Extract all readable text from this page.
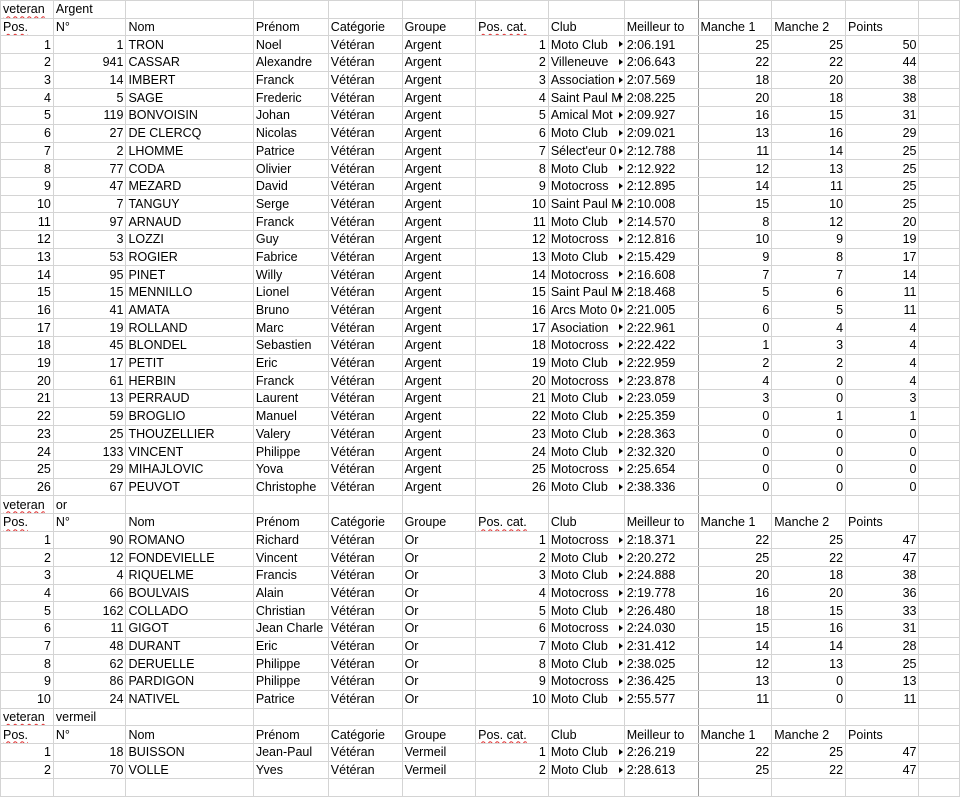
veteran	Argent											
Pos.	N°	Nom	Prénom	Catégorie	Groupe	Pos. cat.	Club	Meilleur to	Manche 1	Manche 2	Points	
1	1	TRON	Noel	Vétéran	Argent	1	Moto Club	2:06.191	25	25	50	
2	941	CASSAR	Alexandre	Vétéran	Argent	2	Villeneuve	2:06.643	22	22	44	
3	14	IMBERT	Franck	Vétéran	Argent	3	Association	2:07.569	18	20	38	
4	5	SAGE	Frederic	Vétéran	Argent	4	Saint Paul M	2:08.225	20	18	38	
5	119	BONVOISIN	Johan	Vétéran	Argent	5	Amical Mot	2:09.927	16	15	31	
6	27	DE CLERCQ	Nicolas	Vétéran	Argent	6	Moto Club	2:09.021	13	16	29	
7	2	LHOMME	Patrice	Vétéran	Argent	7	Sélect'eur 0	2:12.788	11	14	25	
8	77	CODA	Olivier	Vétéran	Argent	8	Moto Club	2:12.922	12	13	25	
9	47	MEZARD	David	Vétéran	Argent	9	Motocross	2:12.895	14	11	25	
10	7	TANGUY	Serge	Vétéran	Argent	10	Saint Paul M	2:10.008	15	10	25	
11	97	ARNAUD	Franck	Vétéran	Argent	11	Moto Club	2:14.570	8	12	20	
12	3	LOZZI	Guy	Vétéran	Argent	12	Motocross	2:12.816	10	9	19	
13	53	ROGIER	Fabrice	Vétéran	Argent	13	Moto Club	2:15.429	9	8	17	
14	95	PINET	Willy	Vétéran	Argent	14	Motocross	2:16.608	7	7	14	
15	15	MENNILLO	Lionel	Vétéran	Argent	15	Saint Paul M	2:18.468	5	6	11	
16	41	AMATA	Bruno	Vétéran	Argent	16	Arcs Moto 0	2:21.005	6	5	11	
17	19	ROLLAND	Marc	Vétéran	Argent	17	Asociation	2:22.961	0	4	4	
18	45	BLONDEL	Sebastien	Vétéran	Argent	18	Motocross	2:22.422	1	3	4	
19	17	PETIT	Eric	Vétéran	Argent	19	Moto Club	2:22.959	2	2	4	
20	61	HERBIN	Franck	Vétéran	Argent	20	Motocross	2:23.878	4	0	4	
21	13	PERRAUD	Laurent	Vétéran	Argent	21	Moto Club	2:23.059	3	0	3	
22	59	BROGLIO	Manuel	Vétéran	Argent	22	Moto Club	2:25.359	0	1	1	
23	25	THOUZELLIER	Valery	Vétéran	Argent	23	Moto Club	2:28.363	0	0	0	
24	133	VINCENT	Philippe	Vétéran	Argent	24	Moto Club	2:32.320	0	0	0	
25	29	MIHAJLOVIC	Yova	Vétéran	Argent	25	Motocross	2:25.654	0	0	0	
26	67	PEUVOT	Christophe	Vétéran	Argent	26	Moto Club	2:38.336	0	0	0	
veteran	or											
Pos.	N°	Nom	Prénom	Catégorie	Groupe	Pos. cat.	Club	Meilleur to	Manche 1	Manche 2	Points	
1	90	ROMANO	Richard	Vétéran	Or	1	Motocross	2:18.371	22	25	47	
2	12	FONDEVIELLE	Vincent	Vétéran	Or	2	Moto Club	2:20.272	25	22	47	
3	4	RIQUELME	Francis	Vétéran	Or	3	Moto Club	2:24.888	20	18	38	
4	66	BOULVAIS	Alain	Vétéran	Or	4	Motocross	2:19.778	16	20	36	
5	162	COLLADO	Christian	Vétéran	Or	5	Moto Club	2:26.480	18	15	33	
6	11	GIGOT	Jean Charle	Vétéran	Or	6	Motocross	2:24.030	15	16	31	
7	48	DURANT	Eric	Vétéran	Or	7	Moto Club	2:31.412	14	14	28	
8	62	DERUELLE	Philippe	Vétéran	Or	8	Moto Club	2:38.025	12	13	25	
9	86	PARDIGON	Philippe	Vétéran	Or	9	Motocross	2:36.425	13	0	13	
10	24	NATIVEL	Patrice	Vétéran	Or	10	Moto Club	2:55.577	11	0	11	
veteran	vermeil											
Pos.	N°	Nom	Prénom	Catégorie	Groupe	Pos. cat.	Club	Meilleur to	Manche 1	Manche 2	Points	
1	18	BUISSON	Jean-Paul	Vétéran	Vermeil	1	Moto Club	2:26.219	22	25	47	
2	70	VOLLE	Yves	Vétéran	Vermeil	2	Moto Club	2:28.613	25	22	47	
